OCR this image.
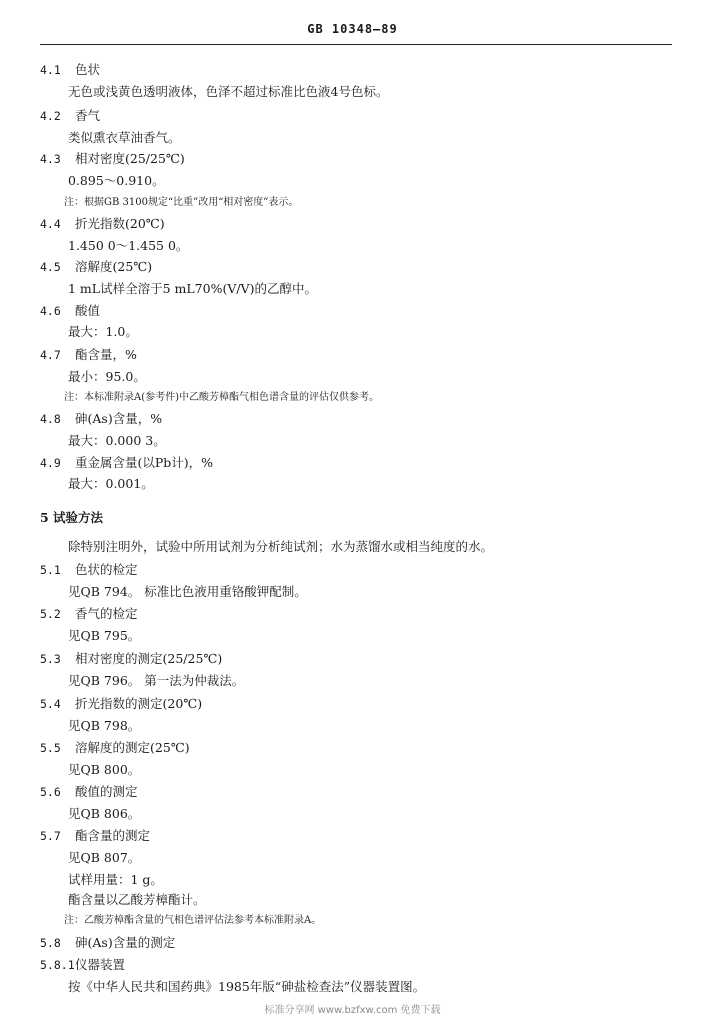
GB 10348—89
4.1 色状
无色或浅黄色透明液体，色泽不超过标准比色液4号色标。
4.2 香气
类似熏衣草油香气。
4.3 相对密度(25/25℃)
0.895～0.910。
注：根据GB 3100规定“比重”改用“相对密度”表示。
4.4 折光指数(20℃)
1.450 0～1.455 0。
4.5 溶解度(25℃)
1 mL试样全溶于5 mL70%(V/V)的乙醇中。
4.6 酸值
最大：1.0。
4.7 酯含量，%
最小：95.0。
注：本标准附录A(参考件)中乙酸芳樟酯气相色谱含量的评估仅供参考。
4.8 砷(As)含量，%
最大：0.000 3。
4.9 重金属含量(以Pb计)，%
最大：0.001。
5 试验方法
除特别注明外，试验中所用试剂为分析纯试剂；水为蒸馏水或相当纯度的水。
5.1 色状的检定
见QB 794。 标准比色液用重铬酸钾配制。
5.2 香气的检定
见QB 795。
5.3 相对密度的测定(25/25℃)
见QB 796。 第一法为仲裁法。
5.4 折光指数的测定(20℃)
见QB 798。
5.5 溶解度的测定(25℃)
见QB 800。
5.6 酸值的测定
见QB 806。
5.7 酯含量的测定
见QB 807。
试样用量：1 g。
酯含量以乙酸芳樟酯计。
注：乙酸芳樟酯含量的气相色谱评估法参考本标准附录A。
5.8 砷(As)含量的测定
5.8.1 仪器装置
按《中华人民共和国药典》1985年版“砷盐检查法”仪器装置图。
标准分享网 www.bzfxw.com 免费下载
